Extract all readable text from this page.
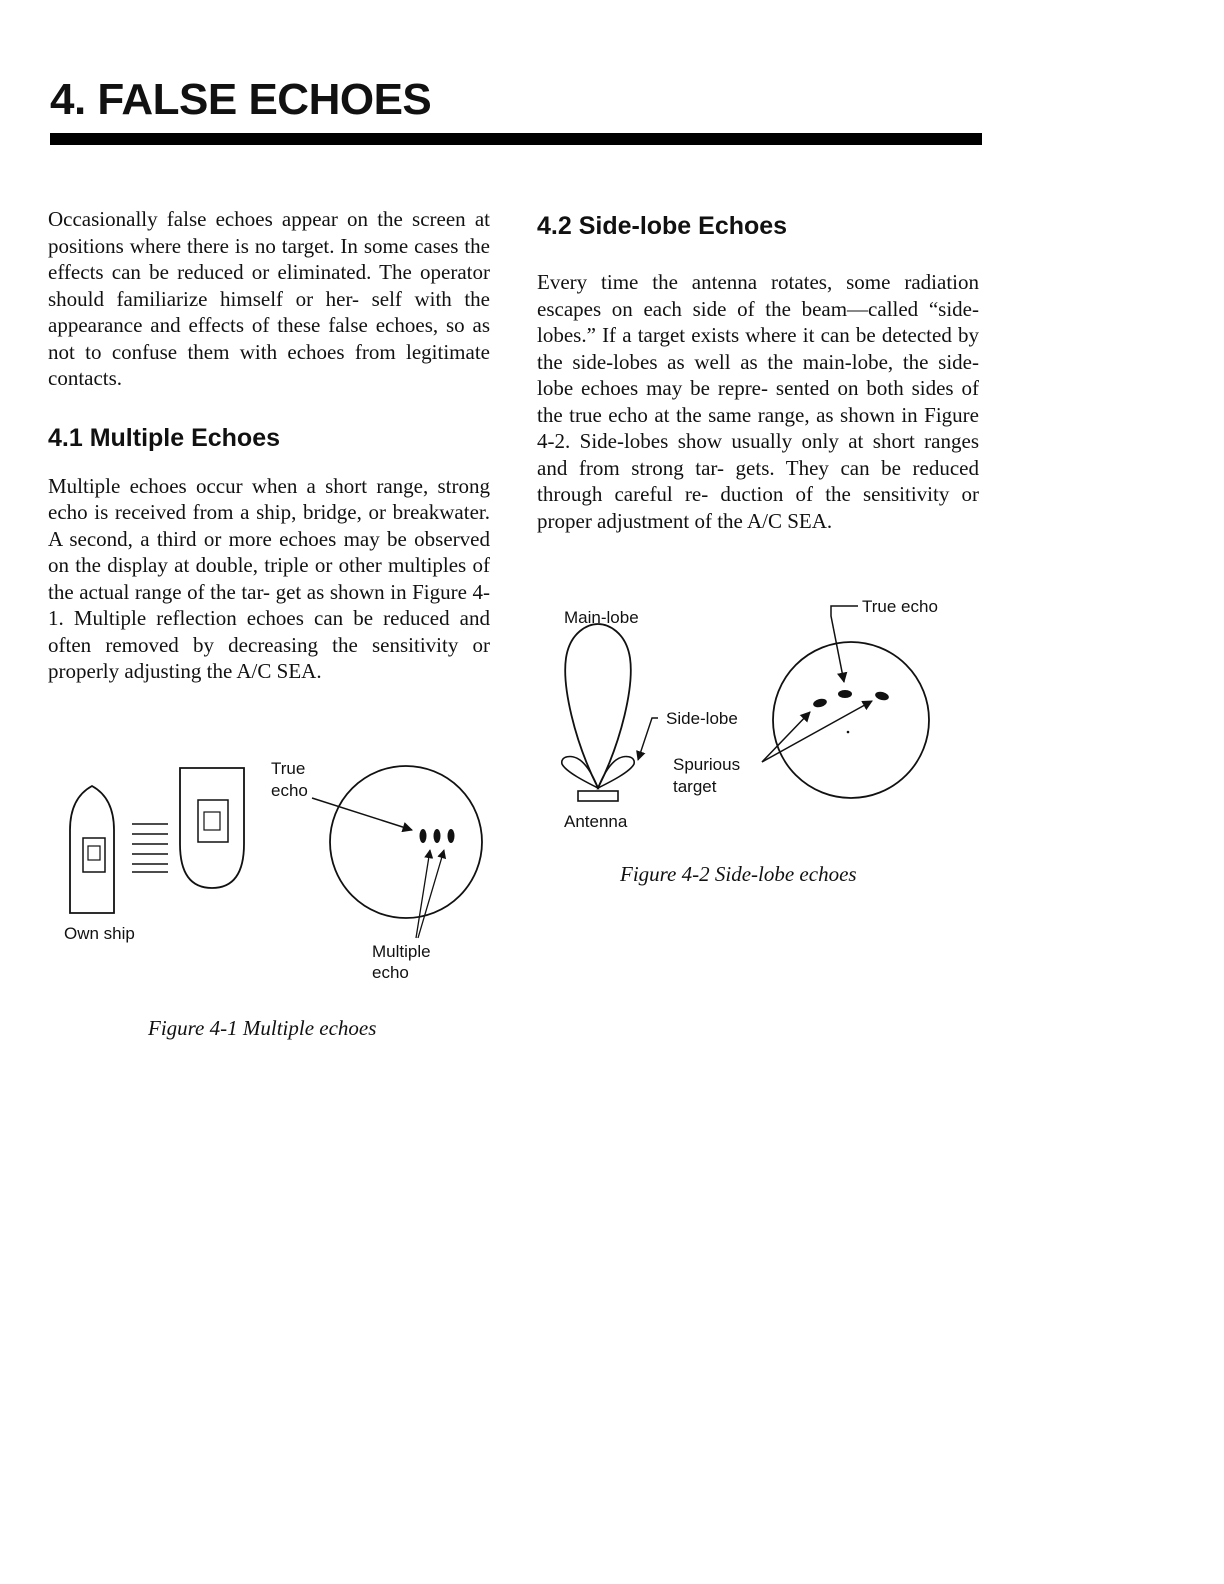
4. FALSE ECHOES

Occasionally false echoes appear on the screen at positions where there is no target. In some cases the effects can be reduced or eliminated. The operator should familiarize himself or her- self with the appearance and effects of these false echoes, so as not to confuse them with echoes from legitimate contacts.

4.1 Multiple Echoes

Multiple echoes occur when a short range, strong echo is received from a ship, bridge, or breakwater. A second, a third or more echoes may be observed on the display at double, triple or other multiples of the actual range of the tar- get as shown in Figure 4-1. Multiple reflection echoes can be reduced and often removed by decreasing the sensitivity or properly adjusting the A/C SEA.

4.2 Side-lobe Echoes

Every time the antenna rotates, some radiation escapes on each side of the beam—called “side-lobes.” If a target exists where it can be detected by the side-lobes as well as the main-lobe, the side-lobe echoes may be repre- sented on both sides of the true echo at the same range, as shown in Figure 4-2. Side-lobes show usually only at short ranges and from strong tar- gets. They can be reduced through careful re- duction of the sensitivity or proper adjustment of the A/C SEA.

True
echo
Own ship
Multiple
echo

Figure 4-1 Multiple echoes

Main-lobe
True echo
Side-lobe
Spurious
target
Antenna

Figure 4-2 Side-lobe echoes
